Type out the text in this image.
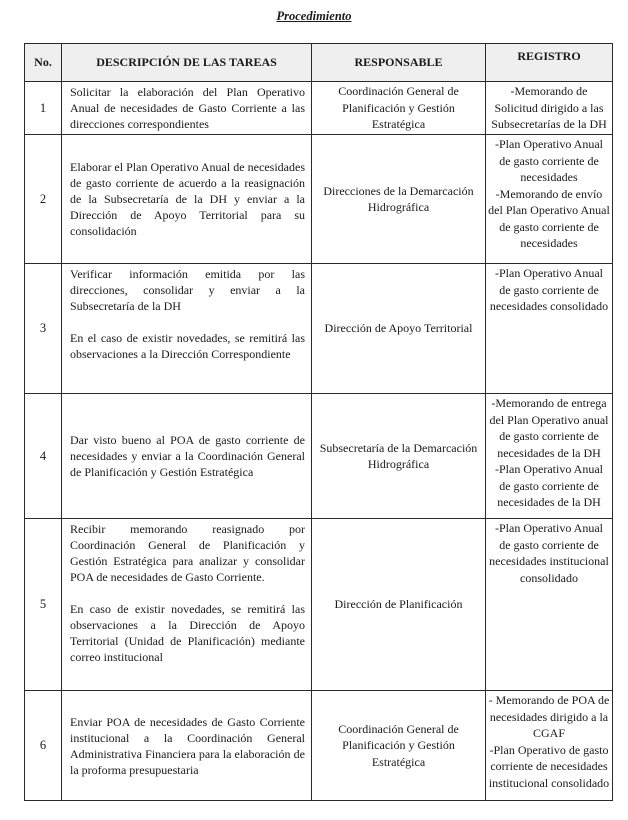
Procedimiento
No.	DESCRIPCIÓN DE LAS TAREAS	RESPONSABLE	REGISTRO
1	Solicitar la elaboración del Plan Operativo Anual de necesidades de Gasto Corriente a las direcciones correspondientes	Coordinación General de Planificación y Gestión Estratégica	-Memorando de Solicitud dirigido a las Subsecretarías de la DH

2	Elaborar el Plan Operativo Anual de necesidades de gasto corriente de acuerdo a la reasignación de la Subsecretaría de la DH y enviar a la Dirección de Apoyo Territorial para su consolidación	Direcciones de la Demarcación Hidrográfica	-Plan Operativo Anual de gasto corriente de necesidades
-Memorando de envío del Plan Operativo Anual de gasto corriente de necesidades

3	Verificar información emitida por las direcciones, consolidar y enviar a la Subsecretaría de la DH
En el caso de existir novedades, se remitirá las observaciones a la Dirección Correspondiente	Dirección de Apoyo Territorial	-Plan Operativo Anual de gasto corriente de necesidades consolidado

4	Dar visto bueno al POA de gasto corriente de necesidades y enviar a la Coordinación General de Planificación y Gestión Estratégica	Subsecretaría de la Demarcación Hidrográfica	-Memorando de entrega del Plan Operativo anual de gasto corriente de necesidades de la DH
-Plan Operativo Anual de gasto corriente de necesidades de la DH

5	Recibir memorando reasignado por Coordinación General de Planificación y Gestión Estratégica para analizar y consolidar POA de necesidades de Gasto Corriente.
En caso de existir novedades, se remitirá las observaciones a la Dirección de Apoyo Territorial (Unidad de Planificación) mediante correo institucional	Dirección de Planificación	-Plan Operativo Anual de gasto corriente de necesidades institucional consolidado

6	Enviar POA de necesidades de Gasto Corriente institucional a la Coordinación General Administrativa Financiera para la elaboración de la proforma presupuestaria	Coordinación General de Planificación y Gestión Estratégica	- Memorando de POA de necesidades dirigido a la CGAF
-Plan Operativo de gasto corriente de necesidades institucional consolidado
